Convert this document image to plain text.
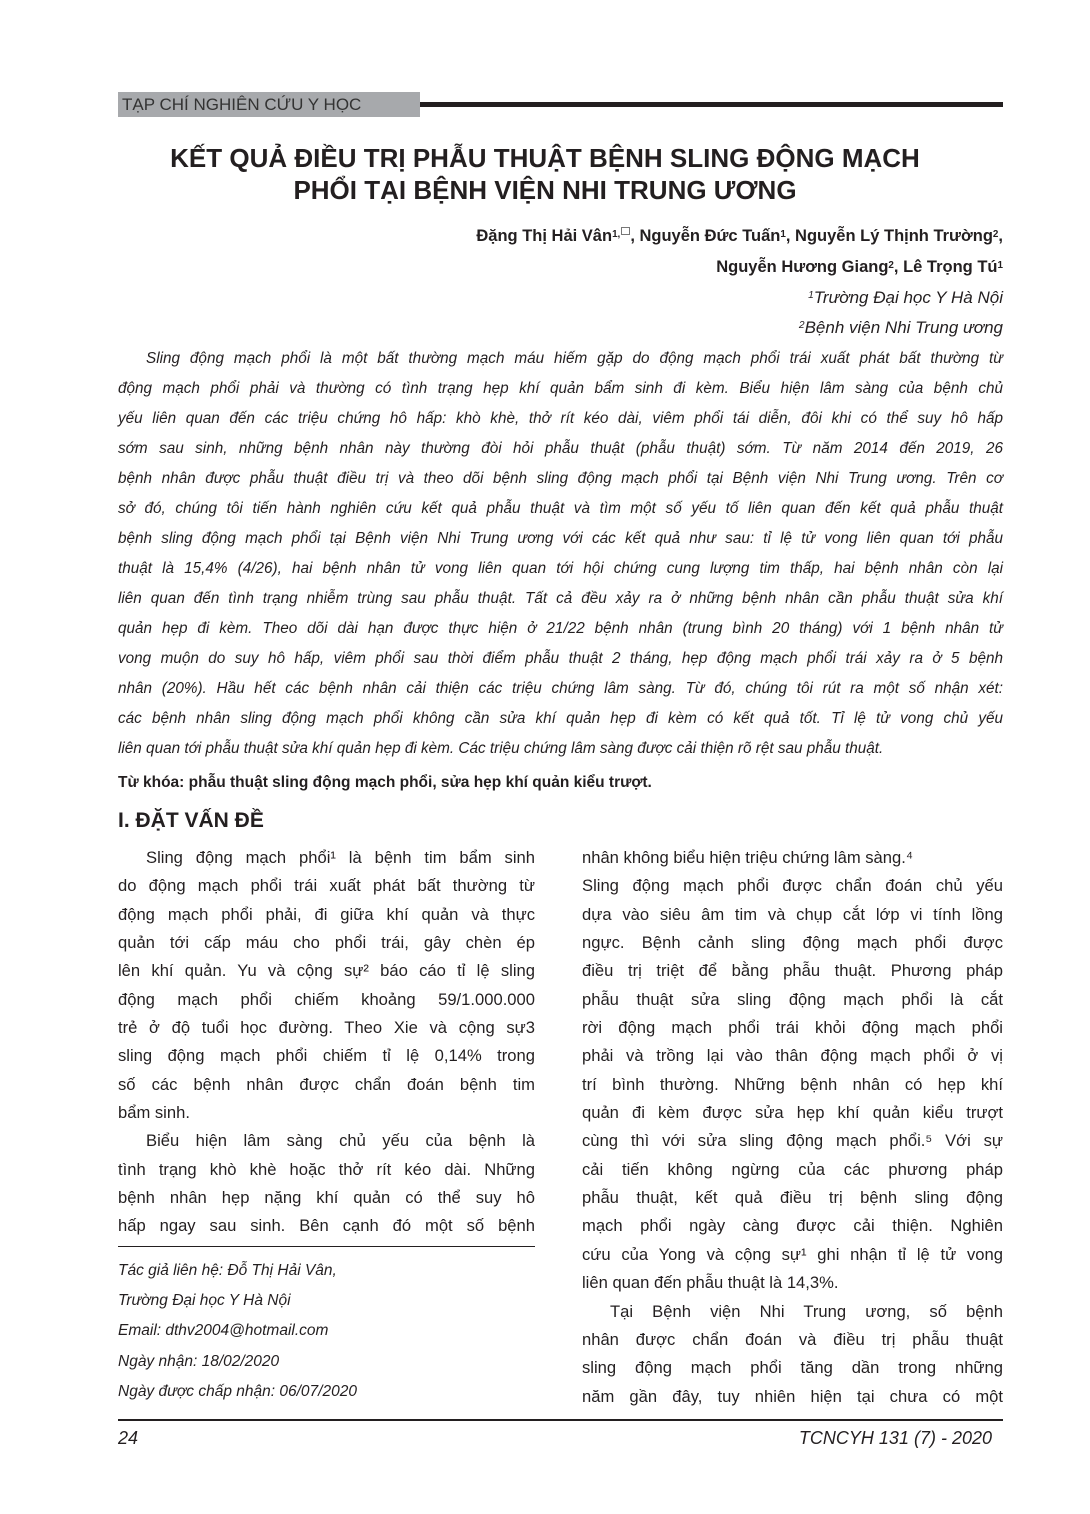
TẠP CHÍ NGHIÊN CỨU Y HỌC
KẾT QUẢ ĐIỀU TRỊ PHẪU THUẬT BỆNH SLING ĐỘNG MẠCH
PHỔI TẠI BỆNH VIỆN NHI TRUNG ƯƠNG
Đặng Thị Hải Vân$^{1,}$ , Nguyễn Đức Tuấn$^1$, Nguyễn Lý Thịnh Trường$^2$,
Nguyễn Hương Giang$^2$, Lê Trọng $Tú^1$
$^1$Trường Đại học Y Hà Nội
$^2$Bệnh viện Nhi Trung ương
Sling động mạch phổi là một bất thường mạch máu hiếm gặp do động mạch phổi trái xuất phát bất thường từ
động mạch phổi phải và thường có tình trạng hẹp khí quản bẩm sinh đi kèm. Biểu hiện lâm sàng của bệnh chủ
yếu liên quan đến các triệu chứng hô hấp: khò khè, thở rít kéo dài, viêm phổi tái diễn, đôi khi có thể suy hô hấp
sớm sau sinh, những bệnh nhân này thường đòi hỏi phẫu thuật (phẫu thuật) sớm. Từ năm 2014 đến 2019, 26
bệnh nhân được phẫu thuật điều trị và theo dõi bệnh sling động mạch phổi tại Bệnh viện Nhi Trung ương. Trên cơ
sở đó, chúng tôi tiến hành nghiên cứu kết quả phẫu thuật và tìm một số yếu tố liên quan đến kết quả phẫu thuật
bệnh sling động mạch phổi tại Bệnh viện Nhi Trung ương với các kết quả như sau: tỉ lệ tử vong liên quan tới phẫu
thuật là 15,4% (4/26), hai bệnh nhân tử vong liên quan tới hội chứng cung lượng tim thấp, hai bệnh nhân còn lại
liên quan đến tình trạng nhiễm trùng sau phẫu thuật. Tất cả đều xảy ra ở những bệnh nhân cần phẫu thuật sửa khí
quản hẹp đi kèm. Theo dõi dài hạn được thực hiện ở 21/22 bệnh nhân (trung bình 20 tháng) với 1 bệnh nhân tử
vong muộn do suy hô hấp, viêm phổi sau thời điểm phẫu thuật 2 tháng, hẹp động mạch phổi trái xảy ra ở 5 bệnh
nhân (20%). Hầu hết các bệnh nhân cải thiện các triệu chứng lâm sàng. Từ đó, chúng tôi rút ra một số nhận xét:
các bệnh nhân sling động mạch phổi không cần sửa khí quản hẹp đi kèm có kết quả tốt. Tỉ lệ tử vong chủ yếu
liên quan tới phẫu thuật sửa khí quản hẹp đi kèm. Các triệu chứng lâm sàng được cải thiện rõ rệt sau phẫu thuật.
Từ khóa: phẫu thuật sling động mạch phổi, sửa hẹp khí quản kiểu trượt.
I. ĐẶT VẤN ĐỀ
Sling động mạch phổi¹ là bệnh tim bẩm sinh
do động mạch phổi trái xuất phát bất thường từ
động mạch phổi phải, đi giữa khí quản và thực
quản tới cấp máu cho phổi trái, gây chèn ép
lên khí quản. Yu và cộng sự² báo cáo tỉ lệ sling
động mạch phổi chiếm khoảng 59/1.000.000
trẻ ở độ tuổi học đường. Theo Xie và cộng sự3
sling động mạch phổi chiếm tỉ lệ 0,14% trong
số các bệnh nhân được chẩn đoán bệnh tim
bẩm sinh.
Biểu hiện lâm sàng chủ yếu của bệnh là
tình trạng khò khè hoặc thở rít kéo dài. Những
bệnh nhân hẹp nặng khí quản có thể suy hô
hấp ngay sau sinh. Bên cạnh đó một số bệnh
nhân không biểu hiện triệu chứng lâm sàng.⁴
Sling động mạch phổi được chẩn đoán chủ yếu
dựa vào siêu âm tim và chụp cắt lớp vi tính lồng
ngực. Bệnh cảnh sling động mạch phổi được
điều trị triệt để bằng phẫu thuật. Phương pháp
phẫu thuật sửa sling động mạch phổi là cắt
rời động mạch phổi trái khỏi động mạch phổi
phải và trồng lại vào thân động mạch phổi ở vị
trí bình thường. Những bệnh nhân có hẹp khí
quản đi kèm được sửa hẹp khí quản kiểu trượt
cùng thì với sửa sling động mạch phổi.⁵ Với sự
cải tiến không ngừng của các phương pháp
phẫu thuật, kết quả điều trị bệnh sling động
mạch phổi ngày càng được cải thiện. Nghiên
cứu của Yong và cộng sự¹ ghi nhận tỉ lệ tử vong
liên quan đến phẫu thuật là 14,3%.
Tại Bệnh viện Nhi Trung ương, số bệnh
nhân được chẩn đoán và điều trị phẫu thuật
sling động mạch phổi tăng dần trong những
năm gần đây, tuy nhiên hiện tại chưa có một
Tác giả liên hệ: Đỗ Thị Hải Vân,
Trường Đại học Y Hà Nội
Email: dthv2004@hotmail.com
Ngày nhận: 18/02/2020
Ngày được chấp nhận: 06/07/2020
24	TCNCYH 131 (7) - 2020
